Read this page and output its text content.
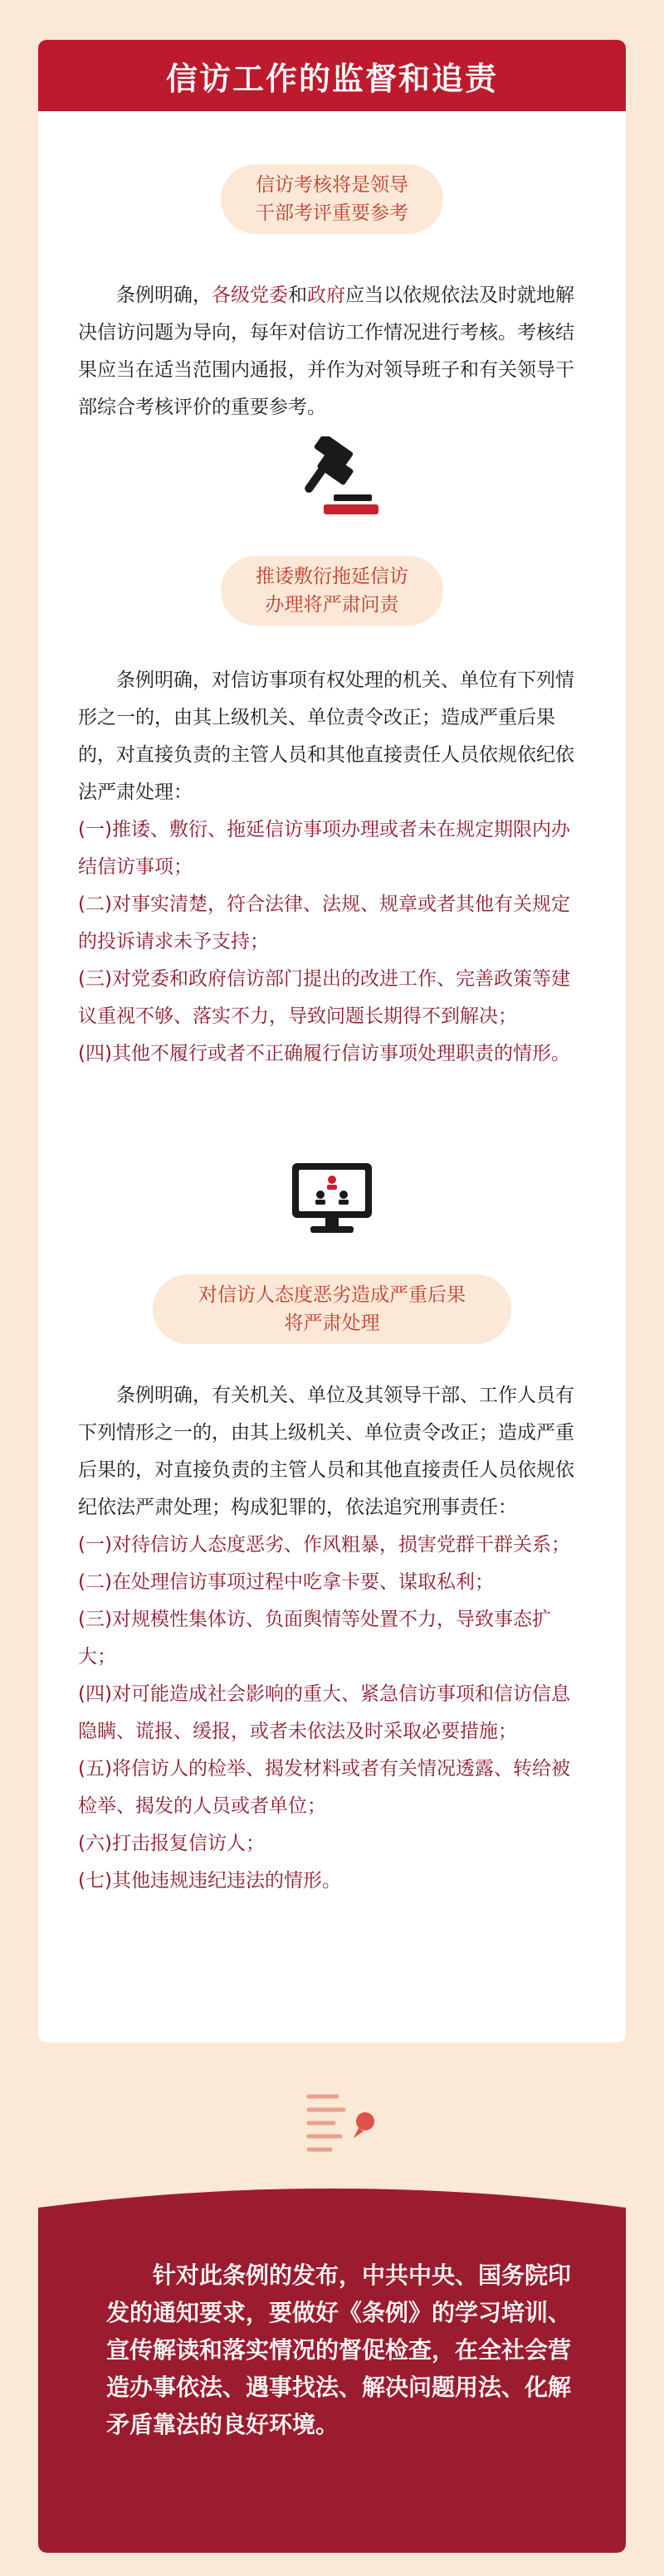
信访工作的监督和追责
信访考核将是领导
干部考评重要参考

条例明确，各级党委和政府应当以依规依法及时就地解决信访问题为导向，每年对信访工作情况进行考核。考核结果应当在适当范围内通报，并作为对领导班子和有关领导干部综合考核评价的重要参考。

推诿敷衍拖延信访
办理将严肃问责

条例明确，对信访事项有权处理的机关、单位有下列情形之一的，由其上级机关、单位责令改正；造成严重后果的，对直接负责的主管人员和其他直接责任人员依规依纪依法严肃处理：

(一)推诿、敷衍、拖延信访事项办理或者未在规定期限内办结信访事项；

(二)对事实清楚，符合法律、法规、规章或者其他有关规定的投诉请求未予支持；

(三)对党委和政府信访部门提出的改进工作、完善政策等建议重视不够、落实不力，导致问题长期得不到解决；

(四)其他不履行或者不正确履行信访事项处理职责的情形。

对信访人态度恶劣造成严重后果
将严肃处理

条例明确，有关机关、单位及其领导干部、工作人员有下列情形之一的，由其上级机关、单位责令改正；造成严重后果的，对直接负责的主管人员和其他直接责任人员依规依纪依法严肃处理；构成犯罪的，依法追究刑事责任：

(一)对待信访人态度恶劣、作风粗暴，损害党群干群关系；

(二)在处理信访事项过程中吃拿卡要、谋取私利；

(三)对规模性集体访、负面舆情等处置不力，导致事态扩大；

(四)对可能造成社会影响的重大、紧急信访事项和信访信息隐瞒、谎报、缓报，或者未依法及时采取必要措施；

(五)将信访人的检举、揭发材料或者有关情况透露、转给被检举、揭发的人员或者单位；

(六)打击报复信访人；

(七)其他违规违纪违法的情形。

针对此条例的发布，中共中央、国务院印发的通知要求，要做好《条例》的学习培训、宣传解读和落实情况的督促检查，在全社会营造办事依法、遇事找法、解决问题用法、化解矛盾靠法的良好环境。
